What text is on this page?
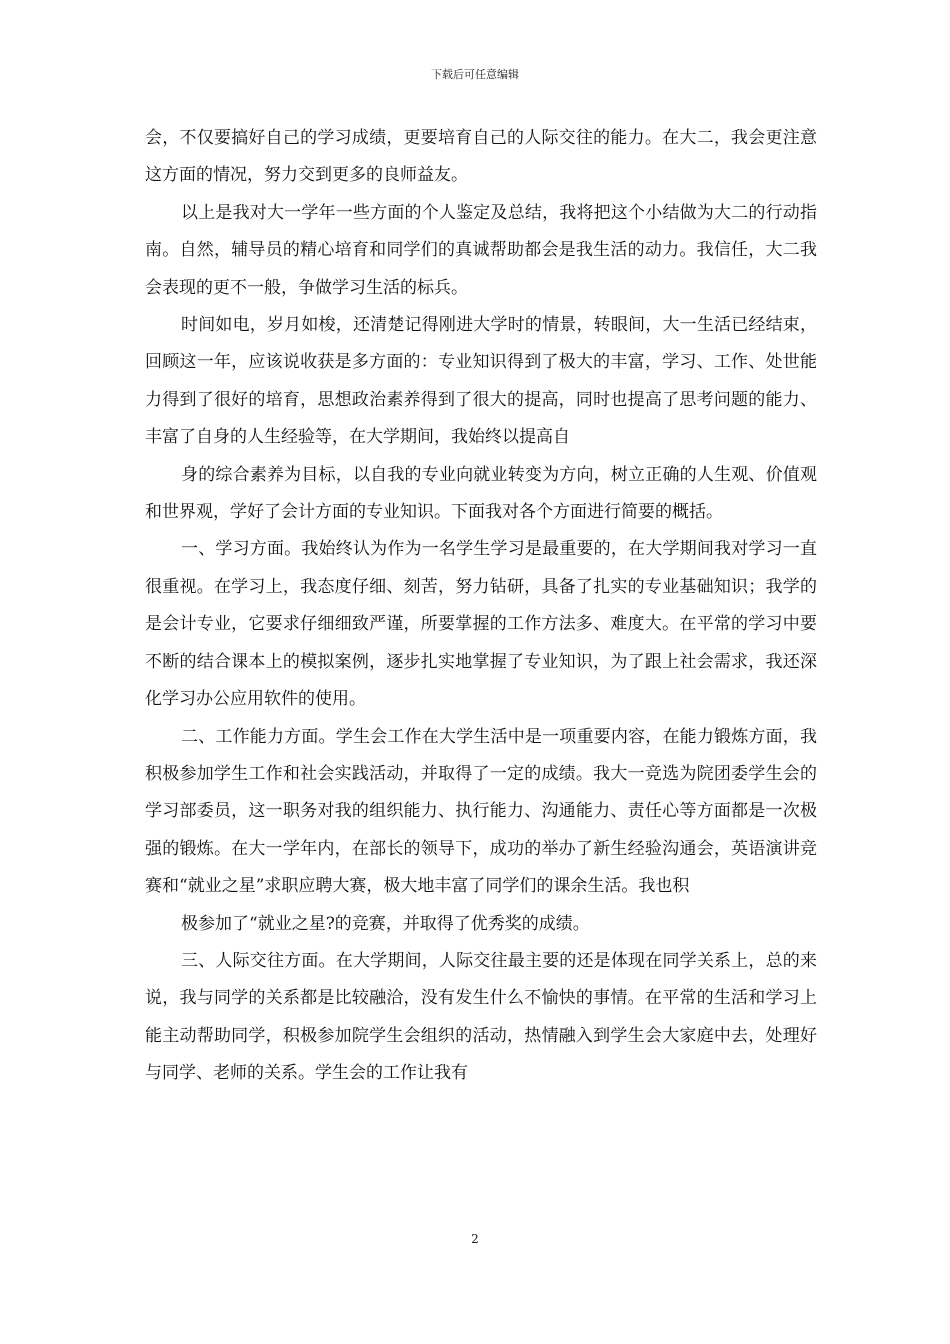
下载后可任意编辑

会，不仅要搞好自己的学习成绩，更要培育自己的人际交往的能力。在大二，我会更注意这方面的情况，努力交到更多的良师益友。

以上是我对大一学年一些方面的个人鉴定及总结，我将把这个小结做为大二的行动指南。自然，辅导员的精心培育和同学们的真诚帮助都会是我生活的动力。我信任，大二我会表现的更不一般，争做学习生活的标兵。

时间如电，岁月如梭，还清楚记得刚进大学时的情景，转眼间，大一生活已经结束，回顾这一年，应该说收获是多方面的：专业知识得到了极大的丰富，学习、工作、处世能力得到了很好的培育，思想政治素养得到了很大的提高，同时也提高了思考问题的能力、丰富了自身的人生经验等，在大学期间，我始终以提高自

身的综合素养为目标，以自我的专业向就业转变为方向，树立正确的人生观、价值观和世界观，学好了会计方面的专业知识。下面我对各个方面进行简要的概括。

一、学习方面。我始终认为作为一名学生学习是最重要的，在大学期间我对学习一直很重视。在学习上，我态度仔细、刻苦，努力钻研，具备了扎实的专业基础知识；我学的是会计专业，它要求仔细细致严谨，所要掌握的工作方法多、难度大。在平常的学习中要不断的结合课本上的模拟案例，逐步扎实地掌握了专业知识，为了跟上社会需求，我还深化学习办公应用软件的使用。

二、工作能力方面。学生会工作在大学生活中是一项重要内容，在能力锻炼方面，我积极参加学生工作和社会实践活动，并取得了一定的成绩。我大一竞选为院团委学生会的学习部委员，这一职务对我的组织能力、执行能力、沟通能力、责任心等方面都是一次极强的锻炼。在大一学年内，在部长的领导下，成功的举办了新生经验沟通会，英语演讲竞赛和“就业之星”求职应聘大赛，极大地丰富了同学们的课余生活。我也积

极参加了“就业之星?的竞赛，并取得了优秀奖的成绩。

三、人际交往方面。在大学期间，人际交往最主要的还是体现在同学关系上，总的来说，我与同学的关系都是比较融洽，没有发生什么不愉快的事情。在平常的生活和学习上能主动帮助同学，积极参加院学生会组织的活动，热情融入到学生会大家庭中去，处理好与同学、老师的关系。学生会的工作让我有

2
